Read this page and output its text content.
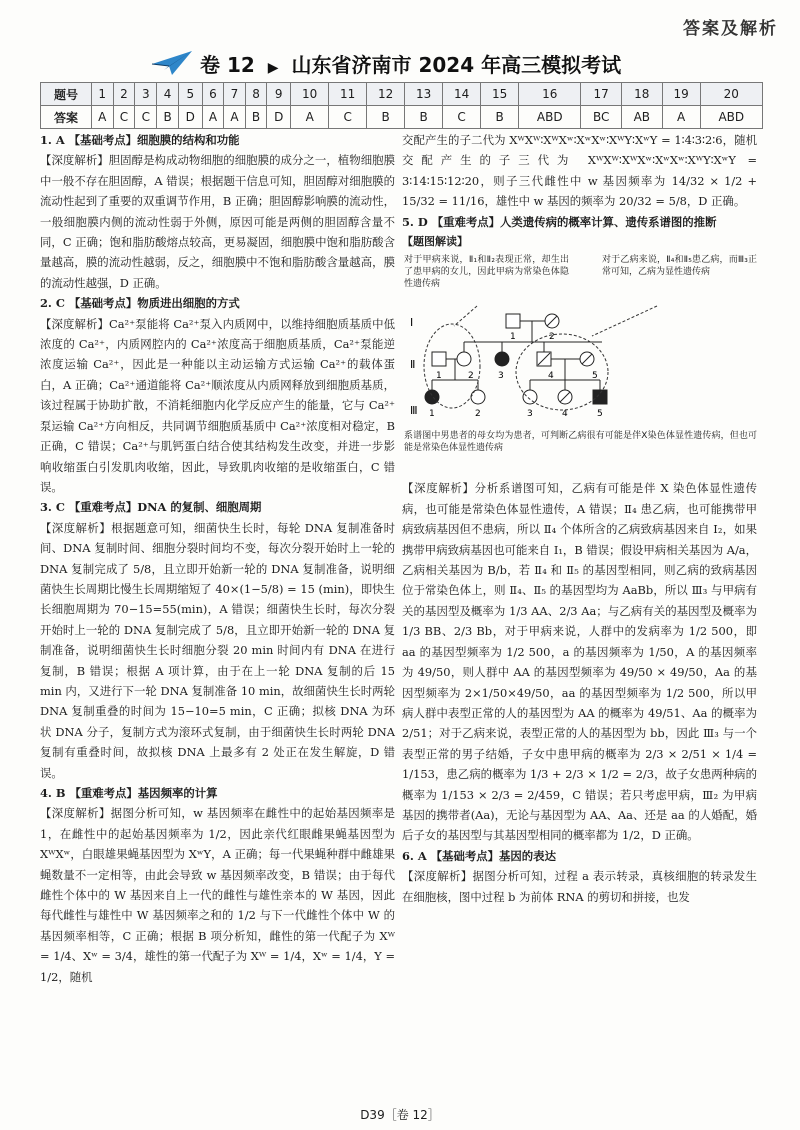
答案及解析
卷 12 ▶ 山东省济南市 2024 年高三模拟考试
题号	1	2	3	4	5	6	7	8	9	10	11	12	13	14	15	16	17	18	19	20
答案	A	C	C	B	D	A	A	B	D	A	C	B	B	C	B	ABD	BC	AB	A	ABD

1. A 【基础考点】细胞膜的结构和功能

【深度解析】胆固醇是构成动物细胞的细胞膜的成分之一，植物细胞膜中一般不存在胆固醇，A 错误；根据题干信息可知，胆固醇对细胞膜的流动性起到了重要的双重调节作用，B 正确；胆固醇影响膜的流动性，一般细胞膜内侧的流动性弱于外侧，原因可能是两侧的胆固醇含量不同，C 正确；饱和脂肪酸熔点较高，更易凝固，细胞膜中饱和脂肪酸含量越高，膜的流动性越弱，反之，细胞膜中不饱和脂肪酸含量越高，膜的流动性越强，D 正确。

2. C 【基础考点】物质进出细胞的方式

【深度解析】Ca²⁺泵能将 Ca²⁺泵入内质网中，以维持细胞质基质中低浓度的 Ca²⁺，内质网腔内的 Ca²⁺浓度高于细胞质基质，Ca²⁺泵能逆浓度运输 Ca²⁺，因此是一种能以主动运输方式运输 Ca²⁺的载体蛋白，A 正确；Ca²⁺通道能将 Ca²⁺顺浓度从内质网释放到细胞质基质，该过程属于协助扩散，不消耗细胞内化学反应产生的能量，它与 Ca²⁺泵运输 Ca²⁺方向相反，共同调节细胞质基质中 Ca²⁺浓度相对稳定，B 正确，C 错误；Ca²⁺与肌钙蛋白结合使其结构发生改变，并进一步影响收缩蛋白引发肌肉收缩，因此，导致肌肉收缩的是收缩蛋白，C 错误。

3. C 【重难考点】DNA 的复制、细胞周期

【深度解析】根据题意可知，细菌快生长时，每轮 DNA 复制准备时间、DNA 复制时间、细胞分裂时间均不变，每次分裂开始时上一轮的 DNA 复制完成了 5/8，且立即开始新一轮的 DNA 复制准备，说明细菌快生长周期比慢生长周期缩短了 40×(1−5/8) = 15 (min)，即快生长细胞周期为 70−15=55(min)，A 错误；细菌快生长时，每次分裂开始时上一轮的 DNA 复制完成了 5/8，且立即开始新一轮的 DNA 复制准备，说明细菌快生长时细胞分裂 20 min 时间内有 DNA 在进行复制，B 错误；根据 A 项计算，由于在上一轮 DNA 复制的后 15 min 内，又进行下一轮 DNA 复制准备 10 min，故细菌快生长时两轮 DNA 复制重叠的时间为 15−10=5 min，C 正确；拟核 DNA 为环状 DNA 分子，复制方式为滚环式复制，由于细菌快生长时两轮 DNA 复制有重叠时间，故拟核 DNA 上最多有 2 处正在发生解旋，D 错误。

4. B 【重难考点】基因频率的计算

【深度解析】据图分析可知，w 基因频率在雌性中的起始基因频率是 1，在雌性中的起始基因频率为 1/2，因此亲代红眼雌果蝇基因型为 XᵂXʷ，白眼雄果蝇基因型为 XʷY，A 正确；每一代果蝇种群中雌雄果蝇数量不一定相等，由此会导致 w 基因频率改变，B 错误；由于每代雌性个体中的 W 基因来自上一代的雌性与雄性亲本的 W 基因，因此每代雌性与雄性中 W 基因频率之和的 1/2 与下一代雌性个体中 W 的基因频率相等，C 正确；根据 B 项分析知，雌性的第一代配子为 Xᵂ = 1/4、Xʷ = 3/4，雄性的第一代配子为 Xᵂ = 1/4，Xʷ = 1/4，Y = 1/2，随机

交配产生的子二代为 XᵂXᵂ∶XᵂXʷ∶XʷXʷ∶XᵂY∶XʷY = 1∶4∶3∶2∶6，随机交配产生的子三代为 XᵂXᵂ∶XᵂXʷ∶XʷXʷ∶XᵂY∶XʷY = 3∶14∶15∶12∶20，则子三代雌性中 w 基因频率为 14/32 × 1/2 + 15/32 = 11/16，雄性中 w 基因的频率为 20/32 = 5/8，D 正确。

5. D 【重难考点】人类遗传病的概率计算、遗传系谱图的推断

【题图解读】

对于甲病来说，Ⅱ₁和Ⅱ₂表现正常，却生出了患甲病的女儿，因此甲病为常染色体隐性遗传病
对于乙病来说，Ⅱ₄和Ⅱ₅患乙病，而Ⅲ₃正常可知，乙病为显性遗传病
Ⅰ
Ⅱ
Ⅲ
1	2
1	2	3	4	5
1	2	3	4	5
系谱图中男患者的母女均为患者，可判断乙病很有可能是伴X染色体显性遗传病，但也可能是常染色体显性遗传病

【深度解析】分析系谱图可知，乙病有可能是伴 X 染色体显性遗传病，也可能是常染色体显性遗传，A 错误；Ⅱ₄ 患乙病，也可能携带甲病致病基因但不患病，所以 Ⅱ₄ 个体所含的乙病致病基因来自 Ⅰ₂，如果携带甲病致病基因也可能来自 Ⅰ₁，B 错误；假设甲病相关基因为 A/a，乙病相关基因为 B/b，若 Ⅱ₄ 和 Ⅱ₅ 的基因型相同，则乙病的致病基因位于常染色体上，则 Ⅱ₄、Ⅱ₅ 的基因型均为 AaBb，所以 Ⅲ₃ 与甲病有关的基因型及概率为 1/3 AA、2/3 Aa；与乙病有关的基因型及概率为 1/3 BB、2/3 Bb，对于甲病来说，人群中的发病率为 1/2 500，即 aa 的基因型频率为 1/2 500，a 的基因频率为 1/50，A 的基因频率为 49/50，则人群中 AA 的基因型频率为 49/50 × 49/50，Aa 的基因型频率为 2×1/50×49/50，aa 的基因型频率为 1/2 500，所以甲病人群中表型正常的人的基因型为 AA 的概率为 49/51、Aa 的概率为 2/51；对于乙病来说，表型正常的人的基因型为 bb，因此 Ⅲ₃ 与一个表型正常的男子结婚，子女中患甲病的概率为 2/3 × 2/51 × 1/4 = 1/153，患乙病的概率为 1/3 + 2/3 × 1/2 = 2/3，故子女患两种病的概率为 1/153 × 2/3 = 2/459，C 错误；若只考虑甲病，Ⅲ₂ 为甲病基因的携带者(Aa)，无论与基因型为 AA、Aa、还是 aa 的人婚配，婚后子女的基因型与其基因型相同的概率都为 1/2，D 正确。

6. A 【基础考点】基因的表达

【深度解析】据图分析可知，过程 a 表示转录，真核细胞的转录发生在细胞核，图中过程 b 为前体 RNA 的剪切和拼接，也发

D39［卷 12］
